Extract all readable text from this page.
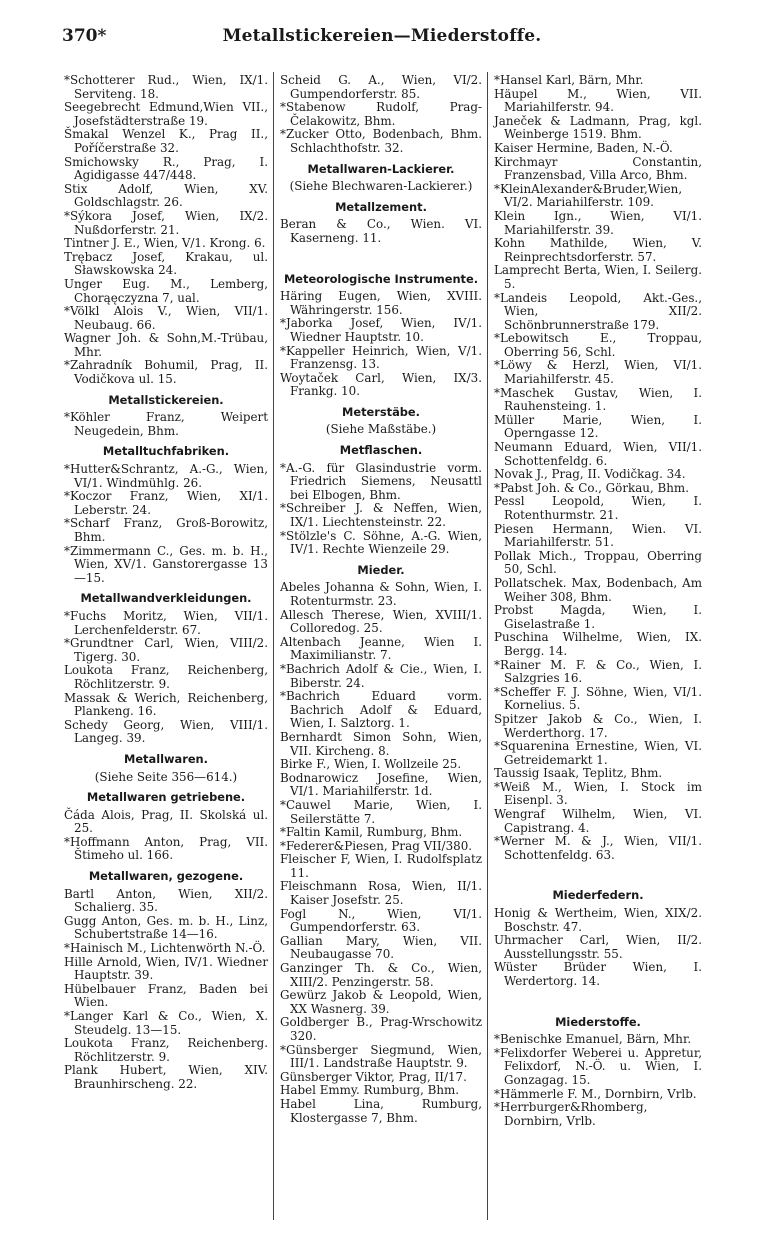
Metallstickereien—Miederstoffe.
370*
*Schotterer Rud., Wien, IX/1. Serviteng. 18.
Seegebrecht Edmund,Wien VII., Josefstädterstraße 19.
Šmakal Wenzel K., Prag II., Poříčerstraße 32.
Smichowsky R., Prag, I. Agidigasse 447/448.
Stix Adolf, Wien, XV. Goldschlagstr. 26.
*Sýkora Josef, Wien, IX/2. Nußdorferstr. 21.
Tintner J. E., Wien, V/1. Krong. 6.
Trębacz Josef, Krakau, ul. Sławskowska 24.
Unger Eug. M., Lemberg, Chorąęczyzna 7, ual.
*Völkl Alois V., Wien, VII/1. Neubaug. 66.
Wagner Joh. & Sohn,M.-Trübau, Mhr.
*Zahradník Bohumil, Prag, II. Vodičkova ul. 15.
Metallstickereien.
*Köhler Franz, Weipert Neugedein, Bhm.
Metalltuchfabriken.
*Hutter&Schrantz, A.-G., Wien, VI/1. Windmühlg. 26.
*Koczor Franz, Wien, XI/1. Leberstr. 24.
*Scharf Franz, Groß-Borowitz, Bhm.
*Zimmermann C., Ges. m. b. H., Wien, XV/1. Ganstorergasse 13—15.
Metallwandverkleidungen.
*Fuchs Moritz, Wien, VII/1. Lerchenfelderstr. 67.
*Grundtner Carl, Wien, VIII/2. Tigerg. 30.
Loukota Franz, Reichenberg, Röchlitzerstr. 9.
Massak & Werich, Reichenberg, Plankeng. 16.
Schedy Georg, Wien, VIII/1. Langeg. 39.
Metallwaren.
(Siehe Seite 356—614.)
Metallwaren getriebene.
Čáda Alois, Prag, II. Skolská ul. 25.
*Hoffmann Anton, Prag, VII. Štimeho ul. 166.
Metallwaren, gezogene.
Bartl Anton, Wien, XII/2. Schalierg. 35.
Gugg Anton, Ges. m. b. H., Linz, Schubertstraße 14—16.
*Hainisch M., Lichtenwörth N.-Ö.
Hille Arnold, Wien, IV/1. Wiedner Hauptstr. 39.
Hübelbauer Franz, Baden bei Wien.
*Langer Karl & Co., Wien, X. Steudelg. 13—15.
Loukota Franz, Reichenberg. Röchlitzerstr. 9.
Plank Hubert, Wien, XIV. Braunhirscheng. 22.
Scheid G. A., Wien, VI/2. Gumpendorferstr. 85.
*Stabenow Rudolf, Prag-Čelakowitz, Bhm.
*Zucker Otto, Bodenbach, Bhm. Schlachthofstr. 32.
Metallwaren-Lackierer.
(Siehe Blechwaren-Lackierer.)
Metallzement.
Beran & Co., Wien. VI. Kaserneng. 11.
Meteorologische Instrumente.
Häring Eugen, Wien, XVIII. Währingerstr. 156.
*Jaborka Josef, Wien, IV/1. Wiedner Hauptstr. 10.
*Kappeller Heinrich, Wien, V/1. Franzensg. 13.
Woytaček Carl, Wien, IX/3. Frankg. 10.
Meterstäbe.
(Siehe Maßstäbe.)
Metflaschen.
*A.-G. für Glasindustrie vorm. Friedrich Siemens, Neusattl bei Elbogen, Bhm.
*Schreiber J. & Neffen, Wien, IX/1. Liechtensteinstr. 22.
*Stölzle's C. Söhne, A.-G. Wien, IV/1. Rechte Wienzeile 29.
Mieder.
Abeles Johanna & Sohn, Wien, I. Rotenturmstr. 23.
Allesch Therese, Wien, XVIII/1. Colloredog. 25.
Altenbach Jeanne, Wien I. Maximilianstr. 7.
*Bachrich Adolf & Cie., Wien, I. Biberstr. 24.
*Bachrich Eduard vorm. Bachrich Adolf & Eduard, Wien, I. Salztorg. 1.
Bernhardt Simon Sohn, Wien, VII. Kircheng. 8.
Birke F., Wien, I. Wollzeile 25.
Bodnarowicz Josefine, Wien, VI/1. Mariahilferstr. 1d.
*Cauwel Marie, Wien, I. Seilerstätte 7.
*Faltin Kamil, Rumburg, Bhm.
*Federer&Piesen, Prag VII/380.
Fleischer F, Wien, I. Rudolfsplatz 11.
Fleischmann Rosa, Wien, II/1. Kaiser Josefstr. 25.
Fogl N., Wien, VI/1. Gumpendorferstr. 63.
Gallian Mary, Wien, VII. Neubaugasse 70.
Ganzinger Th. & Co., Wien, XIII/2. Penzingerstr. 58.
Gewürz Jakob & Leopold, Wien, XX Wasnerg. 39.
Goldberger B., Prag-Wrschowitz 320.
*Günsberger Siegmund, Wien, III/1. Landstraße Hauptstr. 9.
Günsberger Viktor, Prag, II/17.
Habel Emmy. Rumburg, Bhm.
Habel Lina, Rumburg, Klostergasse 7, Bhm.
*Hansel Karl, Bärn, Mhr.
Häupel M., Wien, VII. Mariahilferstr. 94.
Janeček & Ladmann, Prag, kgl. Weinberge 1519. Bhm.
Kaiser Hermine, Baden, N.-Ö.
Kirchmayr Constantin, Franzensbad, Villa Arco, Bhm.
*KleinAlexander&Bruder,Wien, VI/2. Mariahilferstr. 109.
Klein Ign., Wien, VI/1. Mariahilferstr. 39.
Kohn Mathilde, Wien, V. Reinprechtsdorferstr. 57.
Lamprecht Berta, Wien, I. Seilerg. 5.
*Landeis Leopold, Akt.-Ges., Wien, XII/2. Schönbrunnerstraße 179.
*Lebowitsch E., Troppau, Oberring 56, Schl.
*Löwy & Herzl, Wien, VI/1. Mariahilferstr. 45.
*Maschek Gustav, Wien, I. Rauhensteing. 1.
Müller Marie, Wien, I. Operngasse 12.
Neumann Eduard, Wien, VII/1. Schottenfeldg. 6.
Novak J., Prag, II. Vodičkag. 34.
*Pabst Joh. & Co., Görkau, Bhm.
Pessl Leopold, Wien, I. Rotenthurmstr. 21.
Piesen Hermann, Wien. VI. Mariahilferstr. 51.
Pollak Mich., Troppau, Oberring 50, Schl.
Pollatschek. Max, Bodenbach, Am Weiher 308, Bhm.
Probst Magda, Wien, I. Giselastraße 1.
Puschina Wilhelme, Wien, IX. Bergg. 14.
*Rainer M. F. & Co., Wien, I. Salzgries 16.
*Scheffer F. J. Söhne, Wien, VI/1. Kornelius. 5.
Spitzer Jakob & Co., Wien, I. Werderthorg. 17.
*Squarenina Ernestine, Wien, VI. Getreidemarkt 1.
Taussig Isaak, Teplitz, Bhm.
*Weiß M., Wien, I. Stock im Eisenpl. 3.
Wengraf Wilhelm, Wien, VI. Capistrang. 4.
*Werner M. & J., Wien, VII/1. Schottenfeldg. 63.
Miederfedern.
Honig & Wertheim, Wien, XIX/2. Boschstr. 47.
Uhrmacher Carl, Wien, II/2. Ausstellungsstr. 55.
Wüster Brüder Wien, I. Werdertorg. 14.
Miederstoffe.
*Benischke Emanuel, Bärn, Mhr.
*Felixdorfer Weberei u. Appretur, Felixdorf, N.-Ö. u. Wien, I. Gonzagag. 15.
*Hämmerle F. M., Dornbirn, Vrlb.
*Herrburger&Rhomberg, Dornbirn, Vrlb.
